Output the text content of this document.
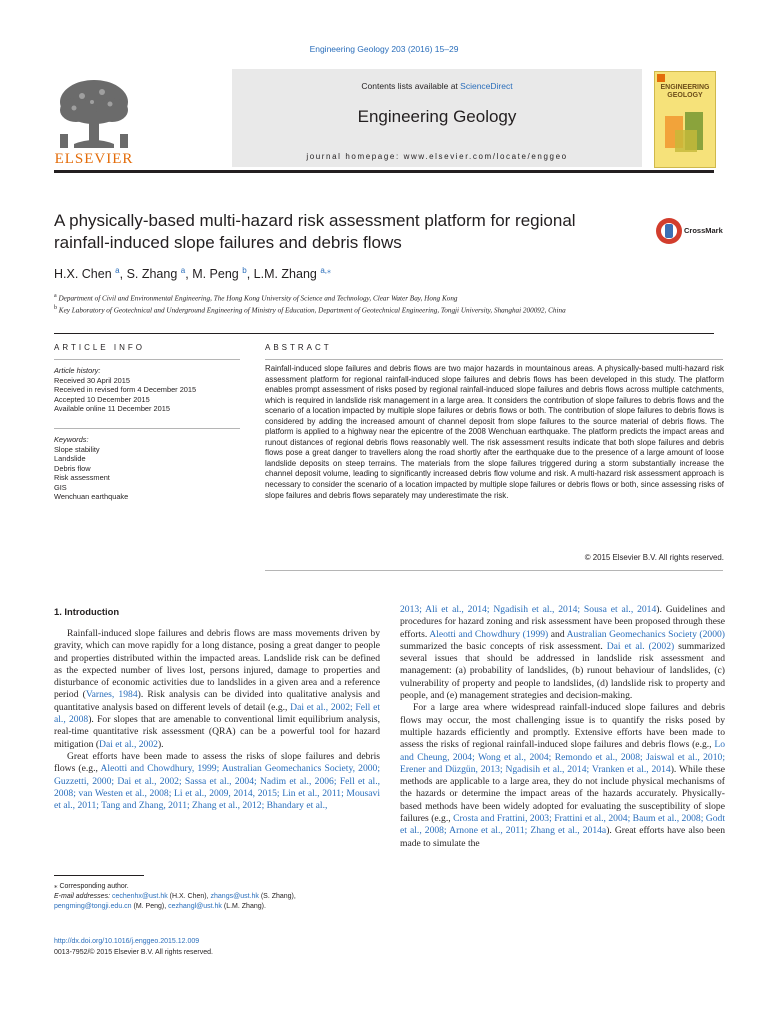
Engineering Geology 203 (2016) 15–29
Contents lists available at ScienceDirect
Engineering Geology
journal homepage: www.elsevier.com/locate/enggeo
ELSEVIER
ENGINEERING
GEOLOGY
A physically-based multi-hazard risk assessment platform for regional rainfall-induced slope failures and debris flows
CrossMark
H.X. Chen $^a$, S. Zhang $^a$, M. Peng $^b$, L.M. Zhang $^{a,⁎}$
$^a$ Department of Civil and Environmental Engineering, The Hong Kong University of Science and Technology, Clear Water Bay, Hong Kong
$^b$ Key Laboratory of Geotechnical and Underground Engineering of Ministry of Education, Department of Geotechnical Engineering, Tongji University, Shanghai 200092, China
ARTICLE INFO
Article history:
Received 30 April 2015
Received in revised form 4 December 2015
Accepted 10 December 2015
Available online 11 December 2015
Keywords:
Slope stability
Landslide
Debris flow
Risk assessment
GIS
Wenchuan earthquake
ABSTRACT
Rainfall-induced slope failures and debris flows are two major hazards in mountainous areas. A physically-based multi-hazard risk assessment platform for regional rainfall-induced slope failures and debris flows has been developed in this study. The platform enables prompt assessment of risks posed by regional rainfall-induced slope failures and debris flows across multiple catchments, which is required in landslide risk management in a large area. It considers the contribution of slope failures to debris flows and the scenario of a location impacted by multiple slope failures or debris flows or both. The contribution of slope failures to debris flows is considered by adding the increased amount of channel deposit from slope failures to the source material of debris flows. The platform is applied to a highway near the epicentre of the 2008 Wenchuan earthquake. The platform predicts the impact areas and runout distances of regional debris flows reasonably well. The risk assessment results indicate that both slope failures and debris flows pose a great danger to travellers along the road shortly after the earthquake due to the presence of a large amount of loose landslide deposits on steep terrains. The materials from the slope failures triggered during a storm substantially increase the channel deposit volume, leading to significantly increased debris flow volume and risk. A multi-hazard risk assessment approach is necessary to consider the scenario of a location impacted by multiple slope failures or debris flows or both, since assessing risks of slope failures and debris flows separately may underestimate the risk.
© 2015 Elsevier B.V. All rights reserved.
1. Introduction

Rainfall-induced slope failures and debris flows are mass movements driven by gravity, which can move rapidly for a long distance, posing a great danger to people and properties distributed within the impacted areas. Landslide risk can be defined as the expected number of lives lost, persons injured, damage to properties and disturbance of economic activities due to landslides in a given area and a reference period (Varnes, 1984). Risk analysis can be divided into qualitative analysis and quantitative analysis based on different levels of detail (e.g., Dai et al., 2002; Fell et al., 2008). For slopes that are amenable to conventional limit equilibrium analysis, real-time quantitative risk assessment (QRA) can be a powerful tool for hazard mitigation (Dai et al., 2002).

Great efforts have been made to assess the risks of slope failures and debris flows (e.g., Aleotti and Chowdhury, 1999; Australian Geomechanics Society, 2000; Guzzetti, 2000; Dai et al., 2002; Sassa et al., 2004; Nadim et al., 2006; Fell et al., 2008; van Westen et al., 2008; Li et al., 2009, 2014, 2015; Lin et al., 2011; Mousavi et al., 2011; Tang and Zhang, 2011; Zhang et al., 2012; Bhandary et al.,

2013; Ali et al., 2014; Ngadisih et al., 2014; Sousa et al., 2014). Guidelines and procedures for hazard zoning and risk assessment have been proposed through these efforts. Aleotti and Chowdhury (1999) and Australian Geomechanics Society (2000) summarized the basic concepts of risk assessment. Dai et al. (2002) summarized several issues that should be addressed in landslide risk assessment and management: (a) probability of landslides, (b) runout behaviour of landslides, (c) vulnerability of property and people to landslides, (d) landslide risk to property and people, and (e) management strategies and decision-making.

For a large area where widespread rainfall-induced slope failures and debris flows may occur, the most challenging issue is to quantify the risks posed by multiple hazards efficiently and promptly. Extensive efforts have been made to assess the risks of regional rainfall-induced slope failures and debris flows (e.g., Lo and Cheung, 2004; Wong et al., 2004; Remondo et al., 2008; Jaiswal et al., 2010; Erener and Düzgün, 2013; Ngadisih et al., 2014; Vranken et al., 2014). While these methods are applicable to a large area, they do not include physical mechanisms of the hazards or determine the impact areas of the hazards accurately. Physically-based methods have been widely adopted for evaluating the susceptibility of slope failures (e.g., Crosta and Frattini, 2003; Frattini et al., 2004; Baum et al., 2008; Godt et al., 2008; Arnone et al., 2011; Zhang et al., 2014a). Great efforts have also been made to simulate the

⁎ Corresponding author.
E-mail addresses: cechenhx@ust.hk (H.X. Chen), zhangs@ust.hk (S. Zhang),
pengming@tongji.edu.cn (M. Peng), cezhangl@ust.hk (L.M. Zhang).
http://dx.doi.org/10.1016/j.enggeo.2015.12.009
0013-7952/© 2015 Elsevier B.V. All rights reserved.
